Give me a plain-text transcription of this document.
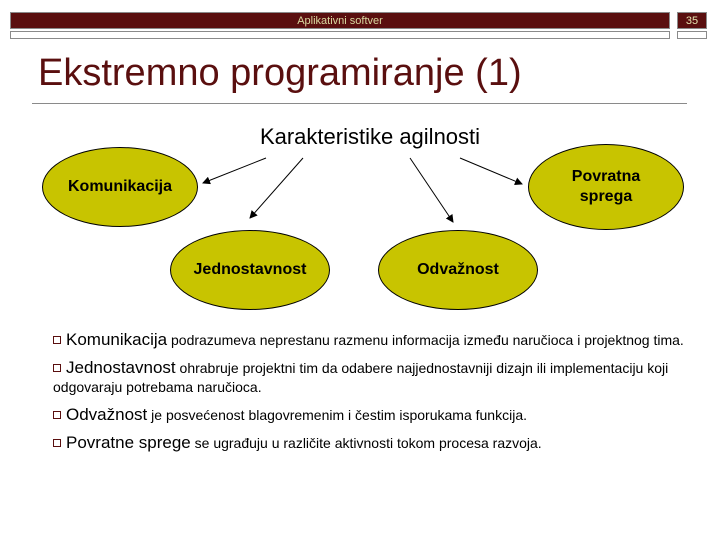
Aplikativni softver	35
Ekstremno programiranje (1)
Karakteristike agilnosti
Komunikacija
Povratna
sprega
Jednostavnost	Odvažnost
Komunikacija podrazumeva neprestanu razmenu informacija između naručioca i projektnog tima.
Jednostavnost ohrabruje projektni tim da odabere najjednostavniji dizajn ili implementaciju koji odgovaraju potrebama naručioca.
Odvažnost je posvećenost blagovremenim i čestim isporukama funkcija.
Povratne sprege se ugrađuju u različite aktivnosti tokom procesa razvoja.
